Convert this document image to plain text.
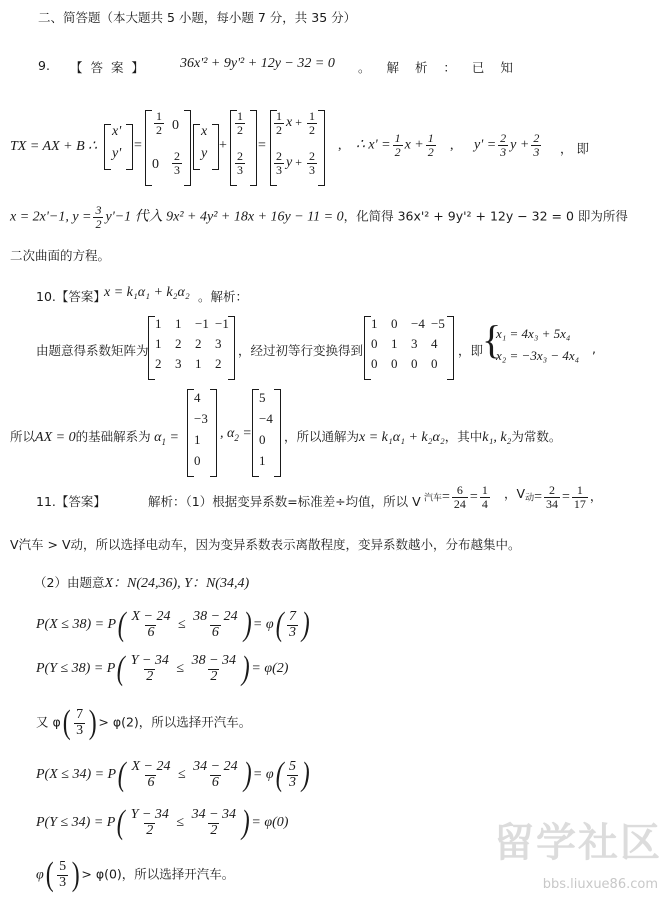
二、简答题（本大题共 5 小题，每小题 7 分，共 35 分）
9. 【 答 案 】 36x'² + 9y'² + 12y − 32 = 0 。 解 析 ： 已 知
TX = AX + B ∴
x'
y'
=
$\frac{1}{2} 0$
$0 \frac{2}{3}$
x
y
+
$\frac{1}{2}$
$\frac{2}{3}$
=
$\frac{1}{2}$ $x + \frac{1}{2}$
$\frac{2}{3}$ $y + \frac{2}{3}$
, ∴ $x' = \frac{1}{2}$ $x + \frac{1}{2}$ , $y' = \frac{2}{3}$ $y + \frac{2}{3}$ ， 即
x = 2x'−1, $y = \frac{3}{2} y'-1$ 代入 9x² + 4y² + 18x + 16y − 11 = 0，化简得 36x'² + 9y'² + 12y − 32 = 0 即为所得
二次曲面的方程。
10.【答案】
x = k₁α₁ + k₂α₂ 。解析：
由题意得系数矩阵为
1 1 −1 −1
1 2 2 3
2 3 1 2
，经过初等行变换得到
1 0 −4 −5
0 1 3 4
0 0 0 0
，即
{
x₁ = 4x₃ + 5x₄
x₂ = −3x₃ − 4x₄ ,
所以AX = 0的基础解系为 $\alpha_1$ =
4
−3
1
0
, $\alpha_2$ =
5
−4
0
1
，所以通解为x = k₁α₁ + k₂α₂，其中k₁, k₂为常数。
11.【答案】	解析：（1）根据变异系数=标准差÷均值，所以 V 汽车= $\frac{6}{24} = \frac{1}{4}$ ，V动= $\frac{2}{34} = \frac{1}{17}$ ，
V汽车 > V动，所以选择电动车，因为变异系数表示离散程度，变异系数越小，分布越集中。
（2）由题意X：N(24,36), Y：N(34,4)
$P(X \le 38) = P( \frac{X - 24}{6} \le \frac{38 - 24}{6}$ ) = $\varphi( \frac{7}{3}$ )
$P(Y \le 38) = P( \frac{Y - 34}{2} \le \frac{38 - 34}{2}$ ) = φ(2)
又 $\varphi( \frac{7}{3}$ ) > φ(2)，所以选择开汽车。
$P(X \le 34) = P( \frac{X - 24}{6} \le \frac{34 - 24}{6}$ ) = $\varphi( \frac{5}{3}$ )
$P(Y \le 34) = P( \frac{Y - 34}{2} \le \frac{34 - 34}{2}$ ) = φ(0)
$\varphi( \frac{5}{3}$ ) > φ(0)，所以选择开汽车。
留学社区
bbs.liuxue86.com
